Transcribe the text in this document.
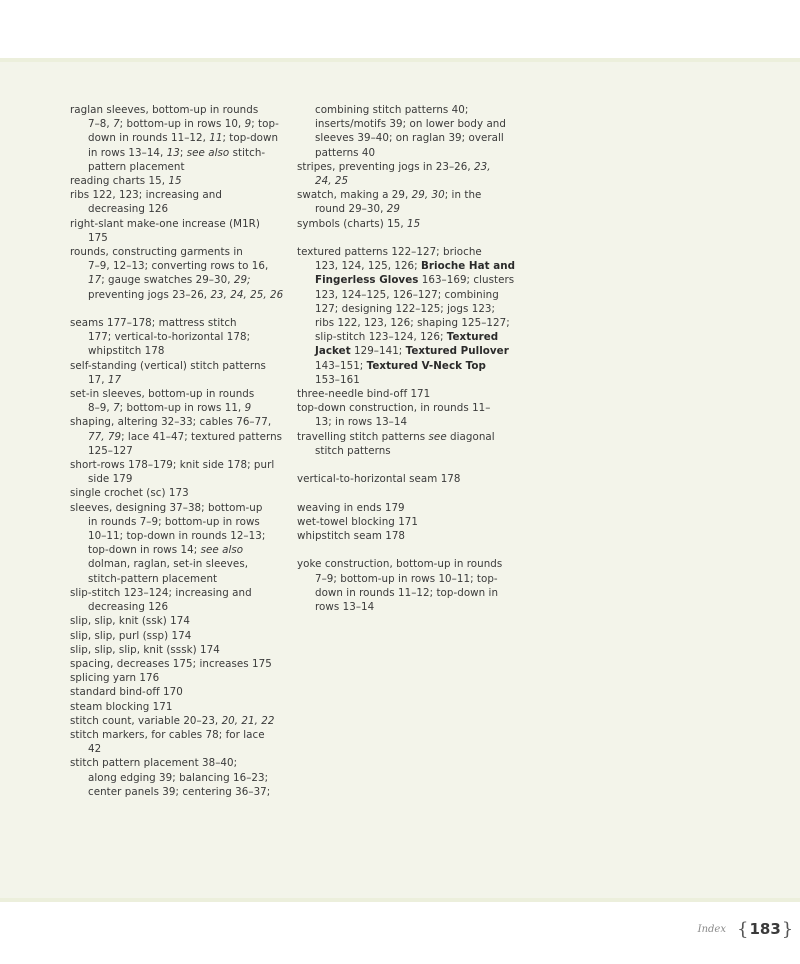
raglan sleeves, bottom-up in rounds

7–8, 7; bottom-up in rows 10, 9; top-

down in rounds 11–12, 11; top-down

in rows 13–14, 13; see also stitch-

pattern placement

reading charts 15, 15

ribs 122, 123; increasing and

decreasing 126

right-slant make-one increase (M1R)

175

rounds, constructing garments in

7–9, 12–13; converting rows to 16,

17; gauge swatches 29–30, 29;

preventing jogs 23–26, 23, 24, 25, 26

seams 177–178; mattress stitch

177; vertical-to-horizontal 178;

whipstitch 178

self-standing (vertical) stitch patterns

17, 17

set-in sleeves, bottom-up in rounds

8–9, 7; bottom-up in rows 11, 9

shaping, altering 32–33; cables 76–77,

77, 79; lace 41–47; textured patterns

125–127

short-rows 178–179; knit side 178; purl

side 179

single crochet (sc) 173

sleeves, designing 37–38; bottom-up

in rounds 7–9; bottom-up in rows

10–11; top-down in rounds 12–13;

top-down in rows 14; see also

dolman, raglan, set-in sleeves,

stitch-pattern placement

slip-stitch 123–124; increasing and

decreasing 126

slip, slip, knit (ssk) 174

slip, slip, purl (ssp) 174

slip, slip, slip, knit (sssk) 174

spacing, decreases 175; increases 175

splicing yarn 176

standard bind-off 170

steam blocking 171

stitch count, variable 20–23, 20, 21, 22

stitch markers, for cables 78; for lace

42

stitch pattern placement 38–40;

along edging 39; balancing 16–23;

center panels 39; centering 36–37;

combining stitch patterns 40;

inserts/motifs 39; on lower body and

sleeves 39–40; on raglan 39; overall

patterns 40

stripes, preventing jogs in 23–26, 23,

24, 25

swatch, making a 29, 29, 30; in the

round 29–30, 29

symbols (charts) 15, 15

textured patterns 122–127; brioche

123, 124, 125, 126; Brioche Hat and

Fingerless Gloves 163–169; clusters

123, 124–125, 126–127; combining

127; designing 122–125; jogs 123;

ribs 122, 123, 126; shaping 125–127;

slip-stitch 123–124, 126; Textured

Jacket 129–141; Textured Pullover

143–151; Textured V-Neck Top

153–161

three-needle bind-off 171

top-down construction, in rounds 11–

13; in rows 13–14

travelling stitch patterns see diagonal

stitch patterns

vertical-to-horizontal seam 178

weaving in ends 179

wet-towel blocking 171

whipstitch seam 178

yoke construction, bottom-up in rounds

7–9; bottom-up in rows 10–11; top-

down in rounds 11–12; top-down in

rows 13–14

Index { 183 }
